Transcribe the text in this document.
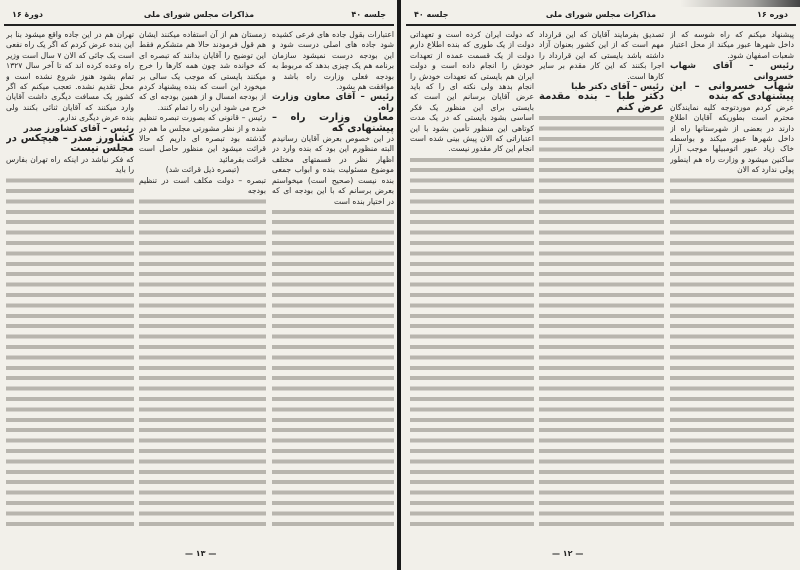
جلسه ۴۰
مذاکرات مجلس شورای ملی
دورهٔ ۱۶
اعتبارات بقول جاده های فرعی کشیده شود جاده های اصلی درست شود و این بودجه درست نمیشود سازمان برنامه هم یک چیزی بدهد که مربوط به بودجه فعلی وزارت راه باشد و موافقت هم بشود.
رئیس – آقای معاون وزارت راه.
معاون وزارت راه – پیشنهادی که
در این خصوص بعرض آقایان رسانیدم البته منظورم این بود که بنده وارد در اظهار نظر در قسمتهای مختلف موضوع مسئولیت بنده و ابواب جمعی بنده نیست (صحیح است) میخواستم بعرض برسانم که با این بودجه ای که در اختیار بنده است
زمستان هم از آن استفاده میکنند ایشان هم قول فرمودند حالا هم متشکرم فقط این توضیح را آقایان بدانند که تبصره ای که خوانده شد چون همه کارها را خرج میکنند بایستی که موجب یک سالی بر میخورد این است که بنده پیشنهاد کردم از بودجه امسال و از همین بودجه ای که خرج می شود این راه را تمام کنند.
رئیس – قانونی که بصورت تبصره تنظیم شده و از نظر مشورتی مجلس ما هم در گذشته بود تبصره ای داریم که حالا قرائت میشود این منظور حاصل است قرائت بفرمائید
(تبصره ذیل قرائت شد)
تبصره – دولت مکلف است در تنظیم بودجه
تهران هم در این جاده واقع میشود بنا بر این بنده عرض کردم که اگر یک راه نفعی است یک جائی که الان ۷ سال است وزیر راه وعده کرده اند که تا آخر سال ۱۳۲۷ تمام بشود هنوز شروع نشده است و محل تقدیم نشده. تعجب میکنم که اگر کشور یک مسافت دیگری داشت آقایان وارد میکنند که آقایان ثنائی بکنند ولی بنده عرض دیگری ندارم.
رئیس – آقای کشاورز صدر
کشاورز صدر – هیچکس در مجلس نیست
که فکر نباشد در اینکه راه تهران بفارس را باید
— ۱۳ —
دوره ۱۶
مذاکرات مجلس شورای ملی
جلسه ۴۰
پیشنهاد میکنم که راه شوسه که از داخل شهرها عبور میکند از محل اعتبار شعبات اصفهان شود.
رئیس – آقای شهاب خسروانی
شهاب خسروانی – این پیشنهادی که بنده
عرض کردم موردتوجه کلیه نمایندگان محترم است بطوریکه آقایان اطلاع دارند در بعضی از شهرستانها راه از داخل شهرها عبور میکند و بواسطه خاک زیاد عبور اتومبیلها موجب آزار ساکنین میشود و وزارت راه هم اینطور پولی ندارد که الان
تصدیق بفرمایند آقایان که این قرارداد مهم است که از این کشور بعنوان آزاد داشته باشد بایستی که این قرارداد را اجرا بکنند که این کار مقدم بر سایر کارها است.
رئیس – آقای دکتر طبا
دکتر طبا – بنده مقدمة عرض کنم
که دولت ایران کرده است و تعهداتی دولت از یک طوری که بنده اطلاع دارم دولت از یک قسمت عمده از تعهدات خودش را انجام داده است و دولت ایران هم بایستی که تعهدات خودش را انجام بدهد ولی نکته ای را که باید عرض آقایان برسانم این است که بایستی برای این منظور یک فکر اساسی بشود بایستی که در یک مدت کوتاهی این منظور تأمین بشود با این اعتباراتی که الان پیش بینی شده است انجام این کار مقدور نیست.
— ۱۲ —
